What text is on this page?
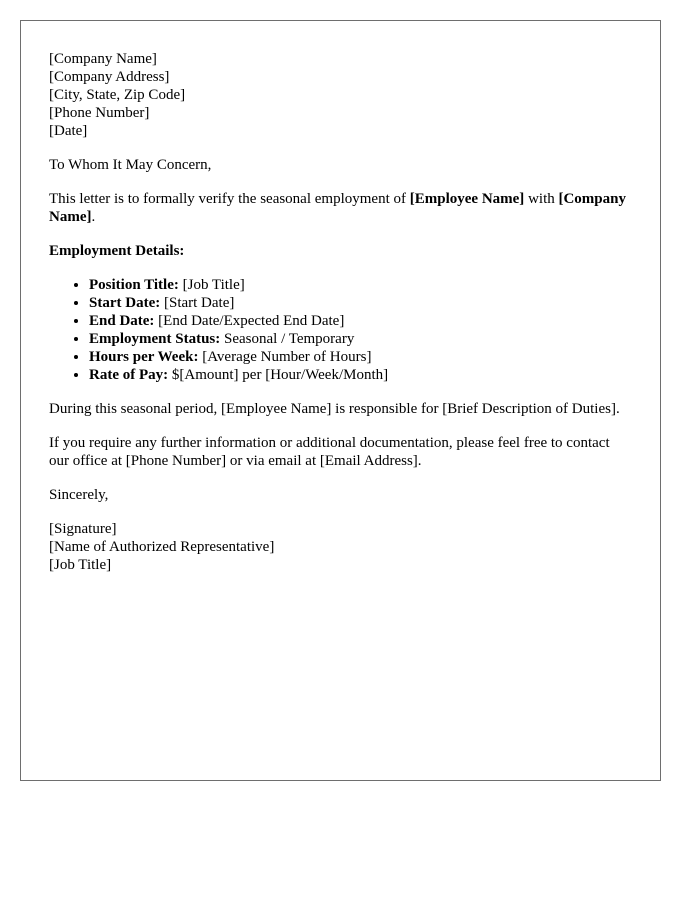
[Company Name]
[Company Address]
[City, State, Zip Code]
[Phone Number]
[Date]

To Whom It May Concern,

This letter is to formally verify the seasonal employment of [Employee Name] with [Company Name].

Employment Details:

• Position Title: [Job Title]
• Start Date: [Start Date]
• End Date: [End Date/Expected End Date]
• Employment Status: Seasonal / Temporary
• Hours per Week: [Average Number of Hours]
• Rate of Pay: $[Amount] per [Hour/Week/Month]

During this seasonal period, [Employee Name] is responsible for [Brief Description of Duties].

If you require any further information or additional documentation, please feel free to contact our office at [Phone Number] or via email at [Email Address].

Sincerely,

[Signature]
[Name of Authorized Representative]
[Job Title]
